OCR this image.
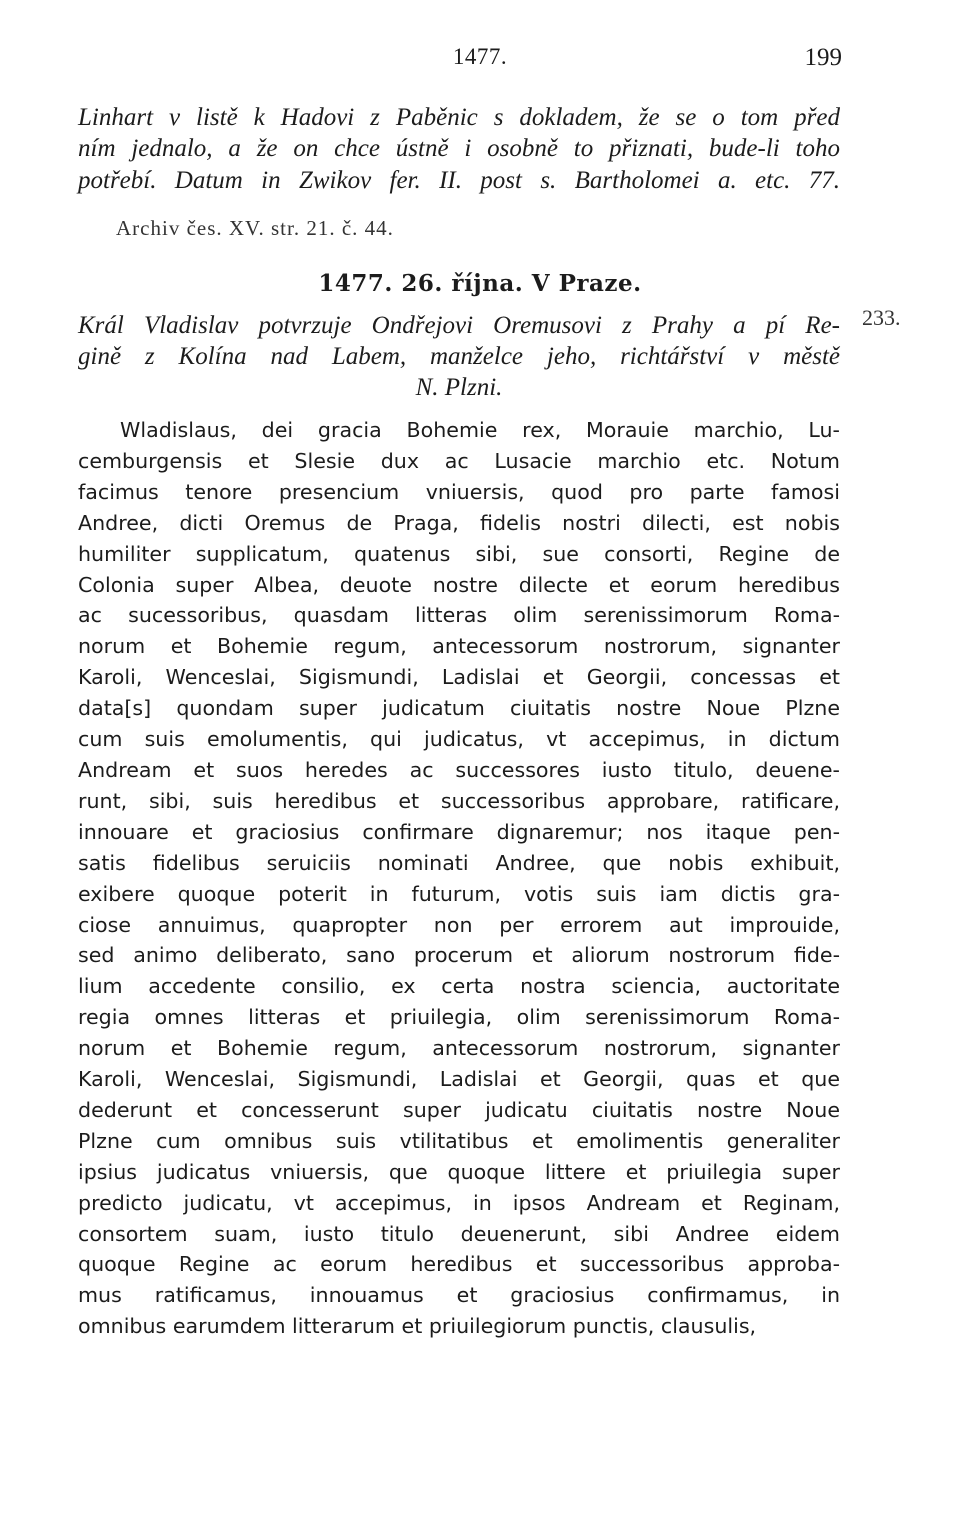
1477.	199
Linhart v listě k Hadovi z Paběnic s dokladem, že se o tom před
ním jednalo, a že on chce ústně i osobně to přiznati, bude-li toho
potřebí. Datum in Zwikov fer. II. post s. Bartholomei a. etc. 77.
Archiv čes. XV. str. 21. č. 44.
1477. 26. října. V Praze.
233.
Král Vladislav potvrzuje Ondřejovi Oremusovi z Prahy a pí Re-
gině z Kolína nad Labem, manželce jeho, richtářství v městě
N. Plzni.
Wladislaus, dei gracia Bohemie rex, Morauie marchio, Lu-
cemburgensis et Slesie dux ac Lusacie marchio etc. Notum
facimus tenore presencium vniuersis, quod pro parte famosi
Andree, dicti Oremus de Praga, fidelis nostri dilecti, est nobis
humiliter supplicatum, quatenus sibi, sue consorti, Regine de
Colonia super Albea, deuote nostre dilecte et eorum heredibus
ac sucessoribus, quasdam litteras olim serenissimorum Roma-
norum et Bohemie regum, antecessorum nostrorum, signanter
Karoli, Wenceslai, Sigismundi, Ladislai et Georgii, concessas et
data[s] quondam super judicatum ciuitatis nostre Noue Plzne
cum suis emolumentis, qui judicatus, vt accepimus, in dictum
Andream et suos heredes ac successores iusto titulo, deuene-
runt, sibi, suis heredibus et successoribus approbare, ratificare,
innouare et graciosius confirmare dignaremur; nos itaque pen-
satis fidelibus seruiciis nominati Andree, que nobis exhibuit,
exibere quoque poterit in futurum, votis suis iam dictis gra-
ciose annuimus, quapropter non per errorem aut improuide,
sed animo deliberato, sano procerum et aliorum nostrorum fide-
lium accedente consilio, ex certa nostra sciencia, auctoritate
regia omnes litteras et priuilegia, olim serenissimorum Roma-
norum et Bohemie regum, antecessorum nostrorum, signanter
Karoli, Wenceslai, Sigismundi, Ladislai et Georgii, quas et que
dederunt et concesserunt super judicatu ciuitatis nostre Noue
Plzne cum omnibus suis vtilitatibus et emolimentis generaliter
ipsius judicatus vniuersis, que quoque littere et priuilegia super
predicto judicatu, vt accepimus, in ipsos Andream et Reginam,
consortem suam, iusto titulo deuenerunt, sibi Andree eidem
quoque Regine ac eorum heredibus et successoribus approba-
mus ratificamus, innouamus et graciosius confirmamus, in
omnibus earumdem litterarum et priuilegiorum punctis, clausulis,
